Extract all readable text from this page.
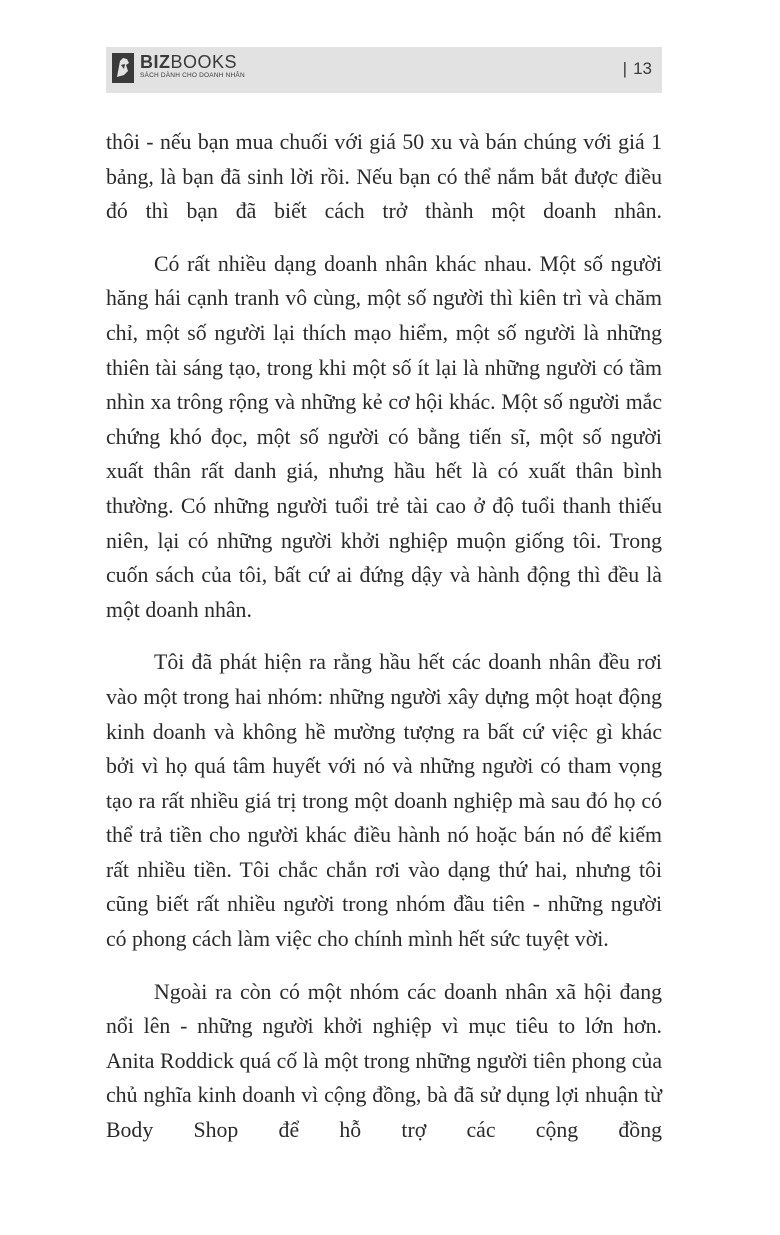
BIZBOOKS
SÁCH DÀNH CHO DOANH NHÂN	| 13

thôi - nếu bạn mua chuối với giá 50 xu và bán chúng với giá 1 bảng, là bạn đã sinh lời rồi. Nếu bạn có thể nắm bắt được điều đó thì bạn đã biết cách trở thành một doanh nhân.

Có rất nhiều dạng doanh nhân khác nhau. Một số người hăng hái cạnh tranh vô cùng, một số người thì kiên trì và chăm chỉ, một số người lại thích mạo hiểm, một số người là những thiên tài sáng tạo, trong khi một số ít lại là những người có tầm nhìn xa trông rộng và những kẻ cơ hội khác. Một số người mắc chứng khó đọc, một số người có bằng tiến sĩ, một số người xuất thân rất danh giá, nhưng hầu hết là có xuất thân bình thường. Có những người tuổi trẻ tài cao ở độ tuổi thanh thiếu niên, lại có những người khởi nghiệp muộn giống tôi. Trong cuốn sách của tôi, bất cứ ai đứng dậy và hành động thì đều là một doanh nhân.

Tôi đã phát hiện ra rằng hầu hết các doanh nhân đều rơi vào một trong hai nhóm: những người xây dựng một hoạt động kinh doanh và không hề mường tượng ra bất cứ việc gì khác bởi vì họ quá tâm huyết với nó và những người có tham vọng tạo ra rất nhiều giá trị trong một doanh nghiệp mà sau đó họ có thể trả tiền cho người khác điều hành nó hoặc bán nó để kiếm rất nhiều tiền. Tôi chắc chắn rơi vào dạng thứ hai, nhưng tôi cũng biết rất nhiều người trong nhóm đầu tiên - những người có phong cách làm việc cho chính mình hết sức tuyệt vời.

Ngoài ra còn có một nhóm các doanh nhân xã hội đang nổi lên - những người khởi nghiệp vì mục tiêu to lớn hơn. Anita Roddick quá cố là một trong những người tiên phong của chủ nghĩa kinh doanh vì cộng đồng, bà đã sử dụng lợi nhuận từ Body Shop để hỗ trợ các cộng đồng
